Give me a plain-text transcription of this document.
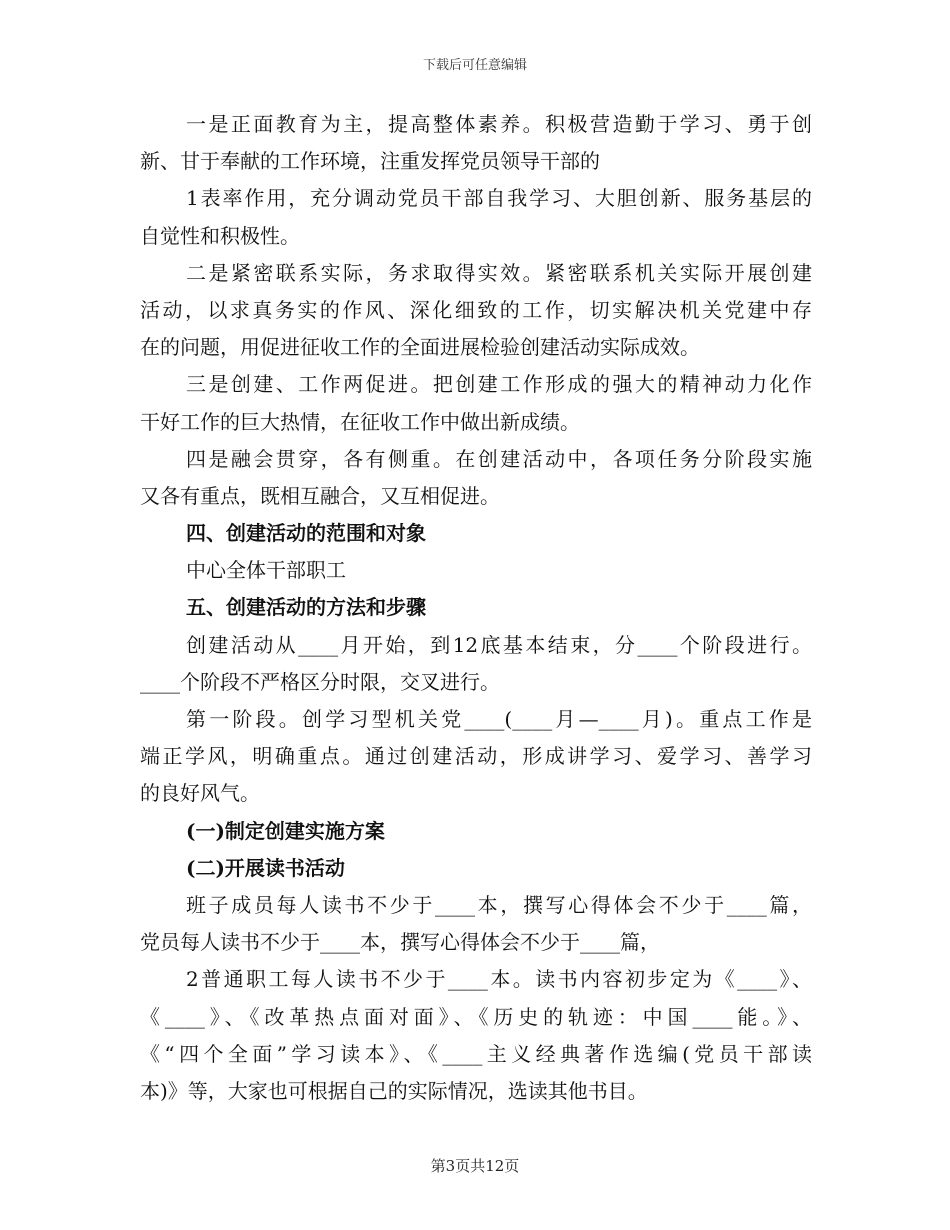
下载后可任意编辑
一是正面教育为主，提高整体素养。积极营造勤于学习、勇于创
新、甘于奉献的工作环境，注重发挥党员领导干部的
1表率作用，充分调动党员干部自我学习、大胆创新、服务基层的
自觉性和积极性。
二是紧密联系实际，务求取得实效。紧密联系机关实际开展创建
活动，以求真务实的作风、深化细致的工作，切实解决机关党建中存
在的问题，用促进征收工作的全面进展检验创建活动实际成效。
三是创建、工作两促进。把创建工作形成的强大的精神动力化作
干好工作的巨大热情，在征收工作中做出新成绩。
四是融会贯穿，各有侧重。在创建活动中，各项任务分阶段实施
又各有重点，既相互融合，又互相促进。
四、创建活动的范围和对象
中心全体干部职工
五、创建活动的方法和步骤
创建活动从____月开始，到12底基本结束，分____个阶段进行。
____个阶段不严格区分时限，交叉进行。
第一阶段。创学习型机关党____(____月—____月)。重点工作是
端正学风，明确重点。通过创建活动，形成讲学习、爱学习、善学习
的良好风气。
(一)制定创建实施方案
(二)开展读书活动
班子成员每人读书不少于____本，撰写心得体会不少于____篇，
党员每人读书不少于____本，撰写心得体会不少于____篇，
2普通职工每人读书不少于____本。读书内容初步定为《____》、
《____》、《改革热点面对面》、《历史的轨迹：中国____能。》、
《“四个全面”学习读本》、《____主义经典著作选编(党员干部读
本)》等，大家也可根据自己的实际情况，选读其他书目。
第3页共12页
